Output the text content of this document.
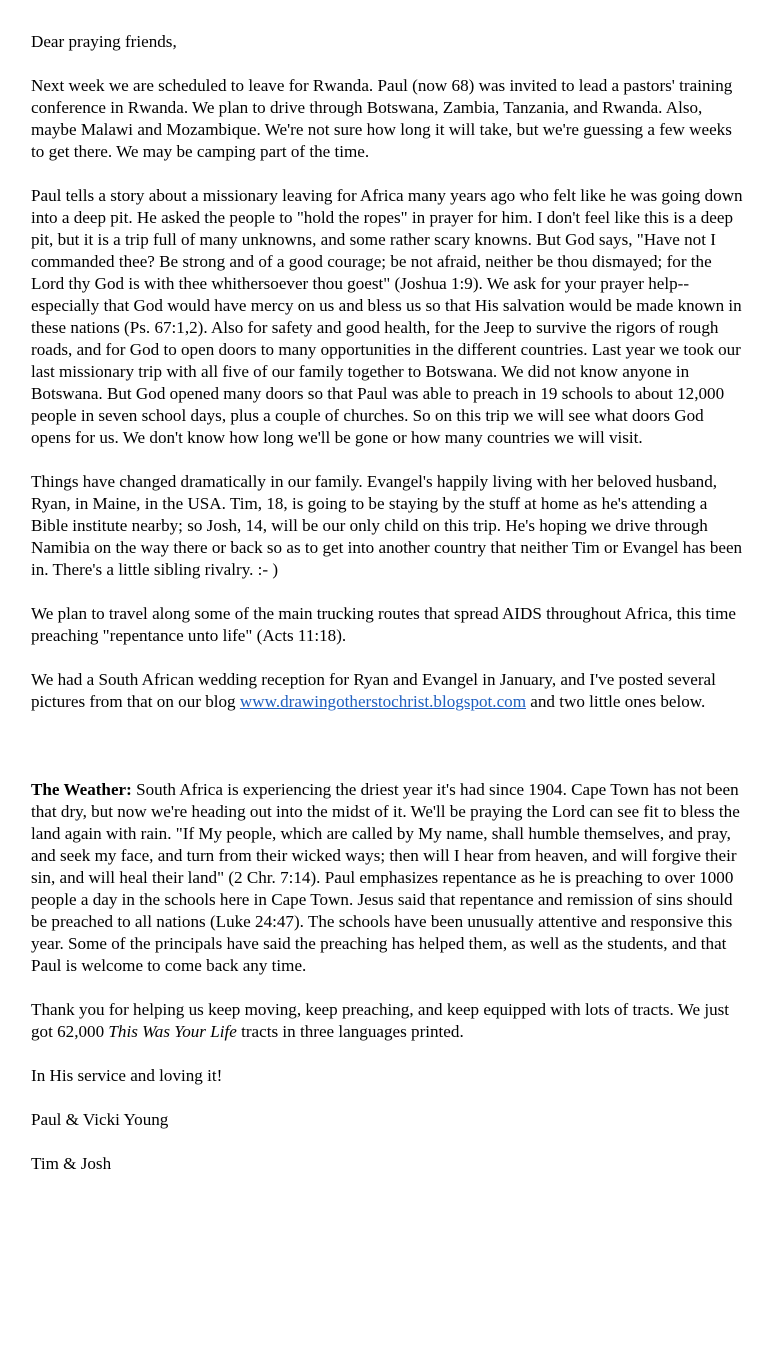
Dear praying friends,

Next week we are scheduled to leave for Rwanda. Paul (now 68) was invited to lead a pastors' training conference in Rwanda. We plan to drive through Botswana, Zambia, Tanzania, and Rwanda. Also, maybe Malawi and Mozambique. We're not sure how long it will take, but we're guessing a few weeks to get there. We may be camping part of the time.

Paul tells a story about a missionary leaving for Africa many years ago who felt like he was going down into a deep pit. He asked the people to "hold the ropes" in prayer for him. I don't feel like this is a deep pit, but it is a trip full of many unknowns, and some rather scary knowns. But God says, "Have not I commanded thee? Be strong and of a good courage; be not afraid, neither be thou dismayed; for the Lord thy God is with thee whithersoever thou goest" (Joshua 1:9). We ask for your prayer help--especially that God would have mercy on us and bless us so that His salvation would be made known in these nations (Ps. 67:1,2). Also for safety and good health, for the Jeep to survive the rigors of rough roads, and for God to open doors to many opportunities in the different countries. Last year we took our last missionary trip with all five of our family together to Botswana. We did not know anyone in Botswana. But God opened many doors so that Paul was able to preach in 19 schools to about 12,000 people in seven school days, plus a couple of churches. So on this trip we will see what doors God opens for us. We don't know how long we'll be gone or how many countries we will visit.

Things have changed dramatically in our family. Evangel's happily living with her beloved husband, Ryan, in Maine, in the USA. Tim, 18, is going to be staying by the stuff at home as he's attending a Bible institute nearby; so Josh, 14, will be our only child on this trip. He's hoping we drive through Namibia on the way there or back so as to get into another country that neither Tim or Evangel has been in. There's a little sibling rivalry. :- )

We plan to travel along some of the main trucking routes that spread AIDS throughout Africa, this time preaching "repentance unto life" (Acts 11:18).

We had a South African wedding reception for Ryan and Evangel in January, and I've posted several pictures from that on our blog www.drawingotherstochrist.blogspot.com and two little ones below.

The Weather: South Africa is experiencing the driest year it's had since 1904. Cape Town has not been that dry, but now we're heading out into the midst of it. We'll be praying the Lord can see fit to bless the land again with rain. "If My people, which are called by My name, shall humble themselves, and pray, and seek my face, and turn from their wicked ways; then will I hear from heaven, and will forgive their sin, and will heal their land" (2 Chr. 7:14). Paul emphasizes repentance as he is preaching to over 1000 people a day in the schools here in Cape Town. Jesus said that repentance and remission of sins should be preached to all nations (Luke 24:47). The schools have been unusually attentive and responsive this year. Some of the principals have said the preaching has helped them, as well as the students, and that Paul is welcome to come back any time.

Thank you for helping us keep moving, keep preaching, and keep equipped with lots of tracts. We just got 62,000 This Was Your Life tracts in three languages printed.

In His service and loving it!

Paul & Vicki Young

Tim & Josh
